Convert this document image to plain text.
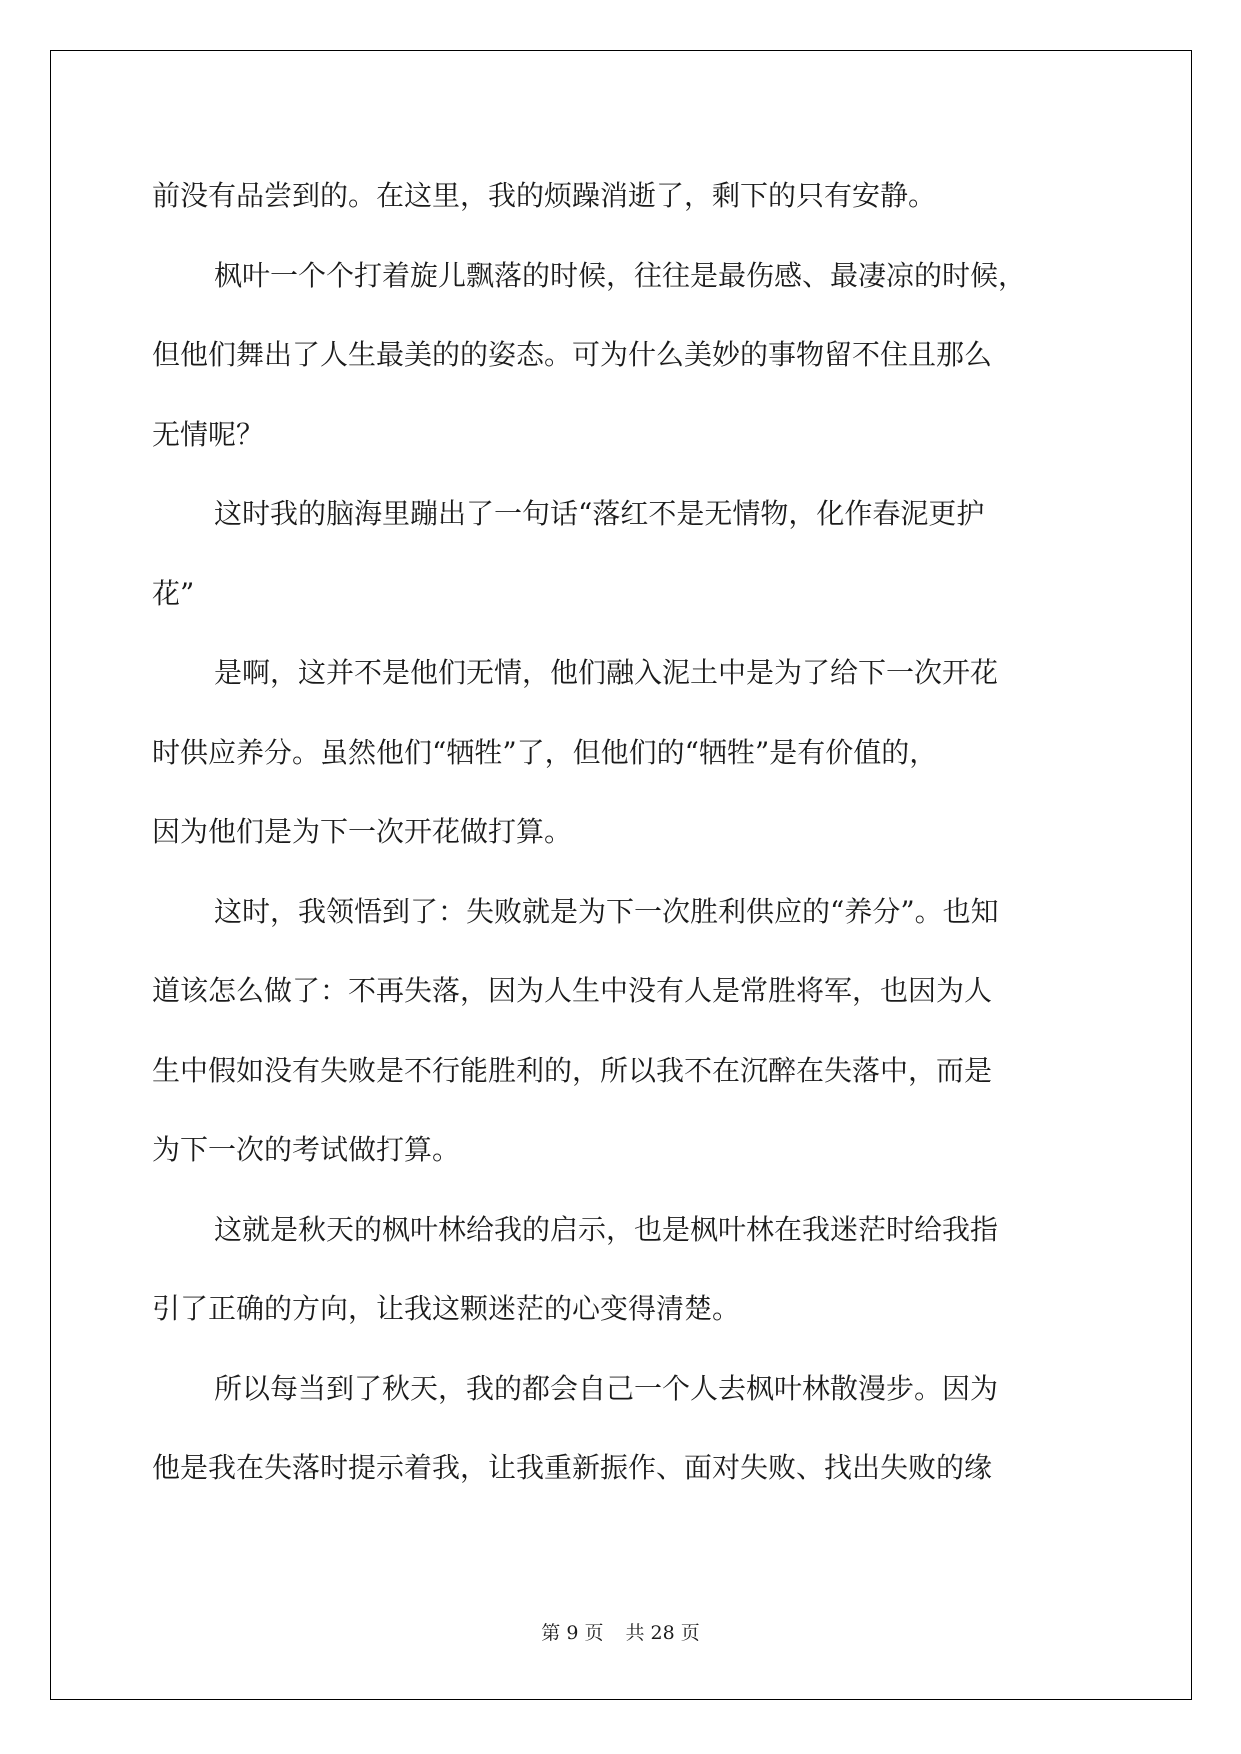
前没有品尝到的。在这里，我的烦躁消逝了，剩下的只有安静。
枫叶一个个打着旋儿飘落的时候，往往是最伤感、最凄凉的时候，
但他们舞出了人生最美的的姿态。可为什么美妙的事物留不住且那么
无情呢？
这时我的脑海里蹦出了一句话“落红不是无情物，化作春泥更护
花”
是啊，这并不是他们无情，他们融入泥土中是为了给下一次开花
时供应养分。虽然他们“牺牲”了，但他们的“牺牲”是有价值的，
因为他们是为下一次开花做打算。
这时，我领悟到了：失败就是为下一次胜利供应的“养分”。也知
道该怎么做了：不再失落，因为人生中没有人是常胜将军，也因为人
生中假如没有失败是不行能胜利的，所以我不在沉醉在失落中，而是
为下一次的考试做打算。
这就是秋天的枫叶林给我的启示，也是枫叶林在我迷茫时给我指
引了正确的方向，让我这颗迷茫的心变得清楚。
所以每当到了秋天，我的都会自己一个人去枫叶林散漫步。因为
他是我在失落时提示着我，让我重新振作、面对失败、找出失败的缘
第 9 页 共 28 页
